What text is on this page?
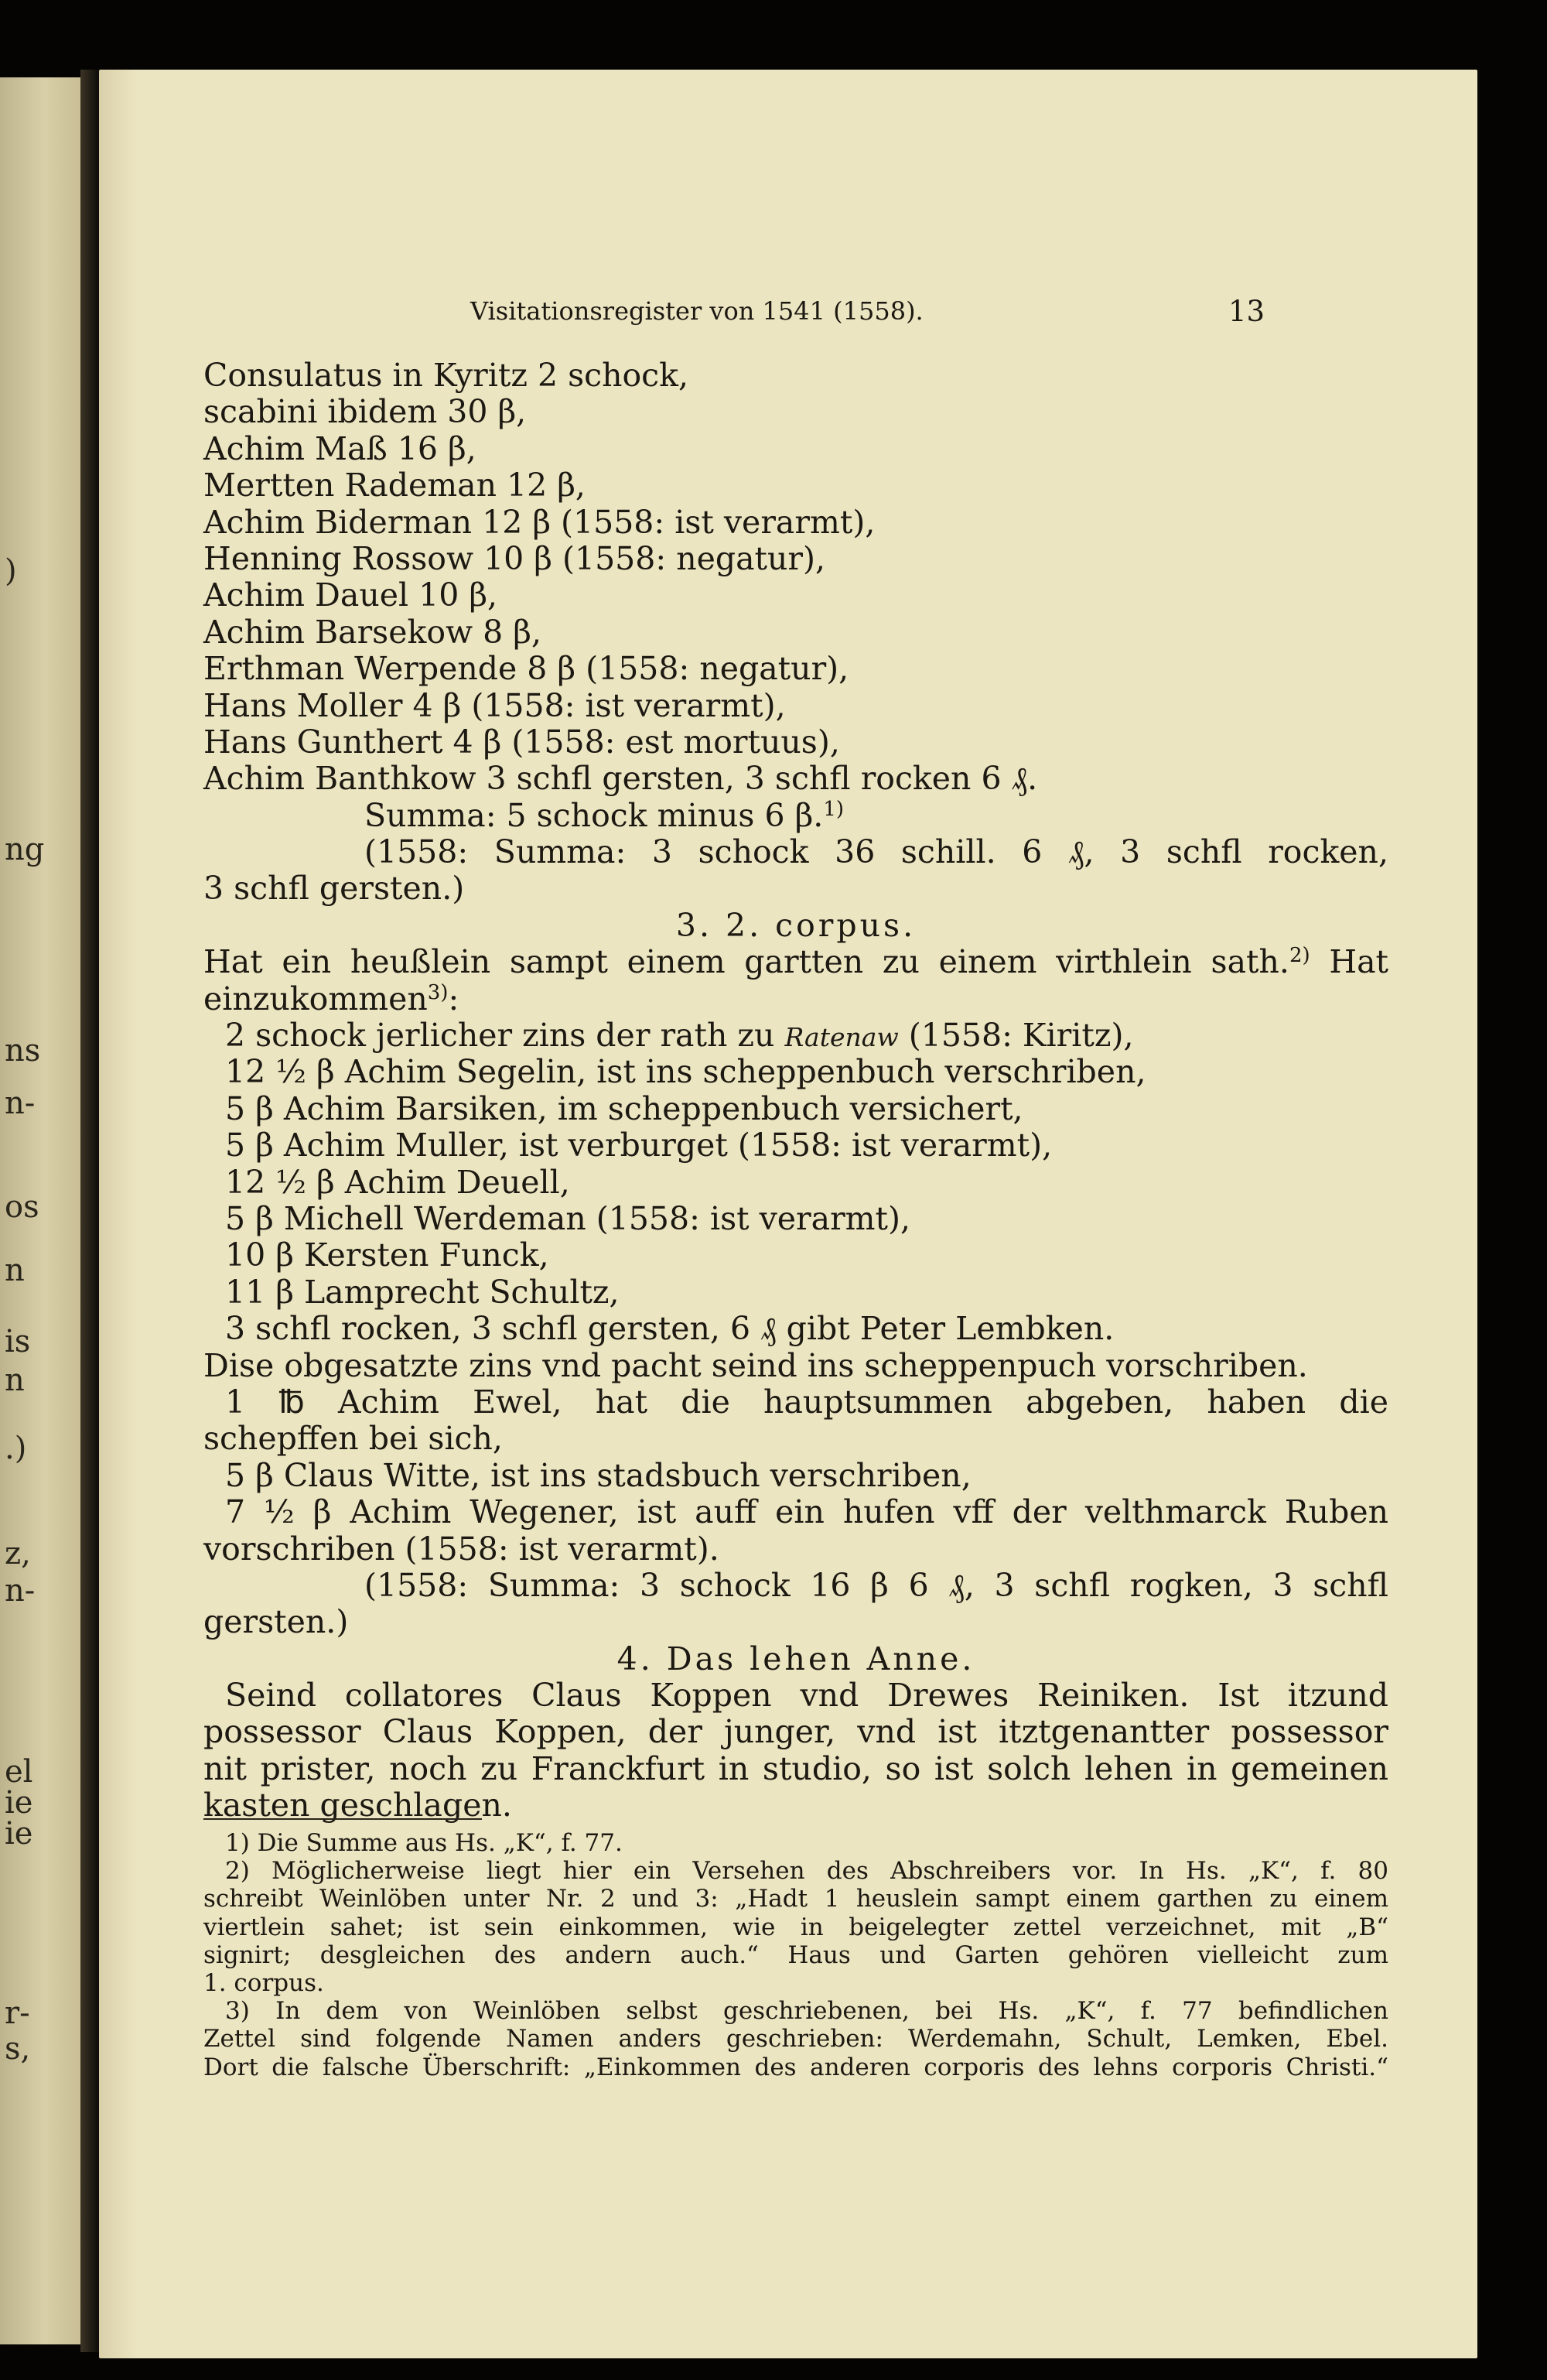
)
ng
ns
n-
os
n
is
n
.)
z,
n-
el
ie
ie
r-
s,
Visitationsregister von 1541 (1558).	13
Consulatus in Kyritz 2 schock,
scabini ibidem 30 β,
Achim Maß 16 β,
Mertten Rademan 12 β,
Achim Biderman 12 β (1558: ist verarmt),
Henning Rossow 10 β (1558: negatur),
Achim Dauel 10 β,
Achim Barsekow 8 β,
Erthman Werpende 8 β (1558: negatur),
Hans Moller 4 β (1558: ist verarmt),
Hans Gunthert 4 β (1558: est mortuus),
Achim Banthkow 3 schfl gersten, 3 schfl rocken 6 ₰.
Summa: 5 schock minus 6 β.$^{1)}$
(1558: Summa: 3 schock 36 schill. 6 ₰, 3 schfl rocken,
3 schfl gersten.)
3. 2. corpus.
Hat ein heußlein sampt einem gartten zu einem virthlein sath.$^{2)}$ Hat
einzukommen$^{3)}$:
2 schock jerlicher zins der rath zu Ratenaw (1558: Kiritz),
12 ½ β Achim Segelin, ist ins scheppenbuch verschriben,
5 β Achim Barsiken, im scheppenbuch versichert,
5 β Achim Muller, ist verburget (1558: ist verarmt),
12 ½ β Achim Deuell,
5 β Michell Werdeman (1558: ist verarmt),
10 β Kersten Funck,
11 β Lamprecht Schultz,
3 schfl rocken, 3 schfl gersten, 6 ₰ gibt Peter Lembken.
Dise obgesatzte zins vnd pacht seind ins scheppenpuch vorschriben.
1 ℔ Achim Ewel, hat die hauptsummen abgeben, haben die
schepffen bei sich,
5 β Claus Witte, ist ins stadsbuch verschriben,
7 ½ β Achim Wegener, ist auff ein hufen vff der velthmarck Ruben
vorschriben (1558: ist verarmt).
(1558: Summa: 3 schock 16 β 6 ₰, 3 schfl rogken, 3 schfl
gersten.)
4. Das lehen Anne.
Seind collatores Claus Koppen vnd Drewes Reiniken. Ist itzund
possessor Claus Koppen, der junger, vnd ist itztgenantter possessor
nit prister, noch zu Franckfurt in studio, so ist solch lehen in gemeinen
kasten geschlagen.
1) Die Summe aus Hs. „K“, f. 77.
2) Möglicherweise liegt hier ein Versehen des Abschreibers vor. In Hs. „K“, f. 80
schreibt Weinlöben unter Nr. 2 und 3: „Hadt 1 heuslein sampt einem garthen zu einem
viertlein sahet; ist sein einkommen, wie in beigelegter zettel verzeichnet, mit „B“
signirt; desgleichen des andern auch.“ Haus und Garten gehören vielleicht zum
1. corpus.
3) In dem von Weinlöben selbst geschriebenen, bei Hs. „K“, f. 77 befindlichen
Zettel sind folgende Namen anders geschrieben: Werdemahn, Schult, Lemken, Ebel.
Dort die falsche Überschrift: „Einkommen des anderen corporis des lehns corporis Christi.“
